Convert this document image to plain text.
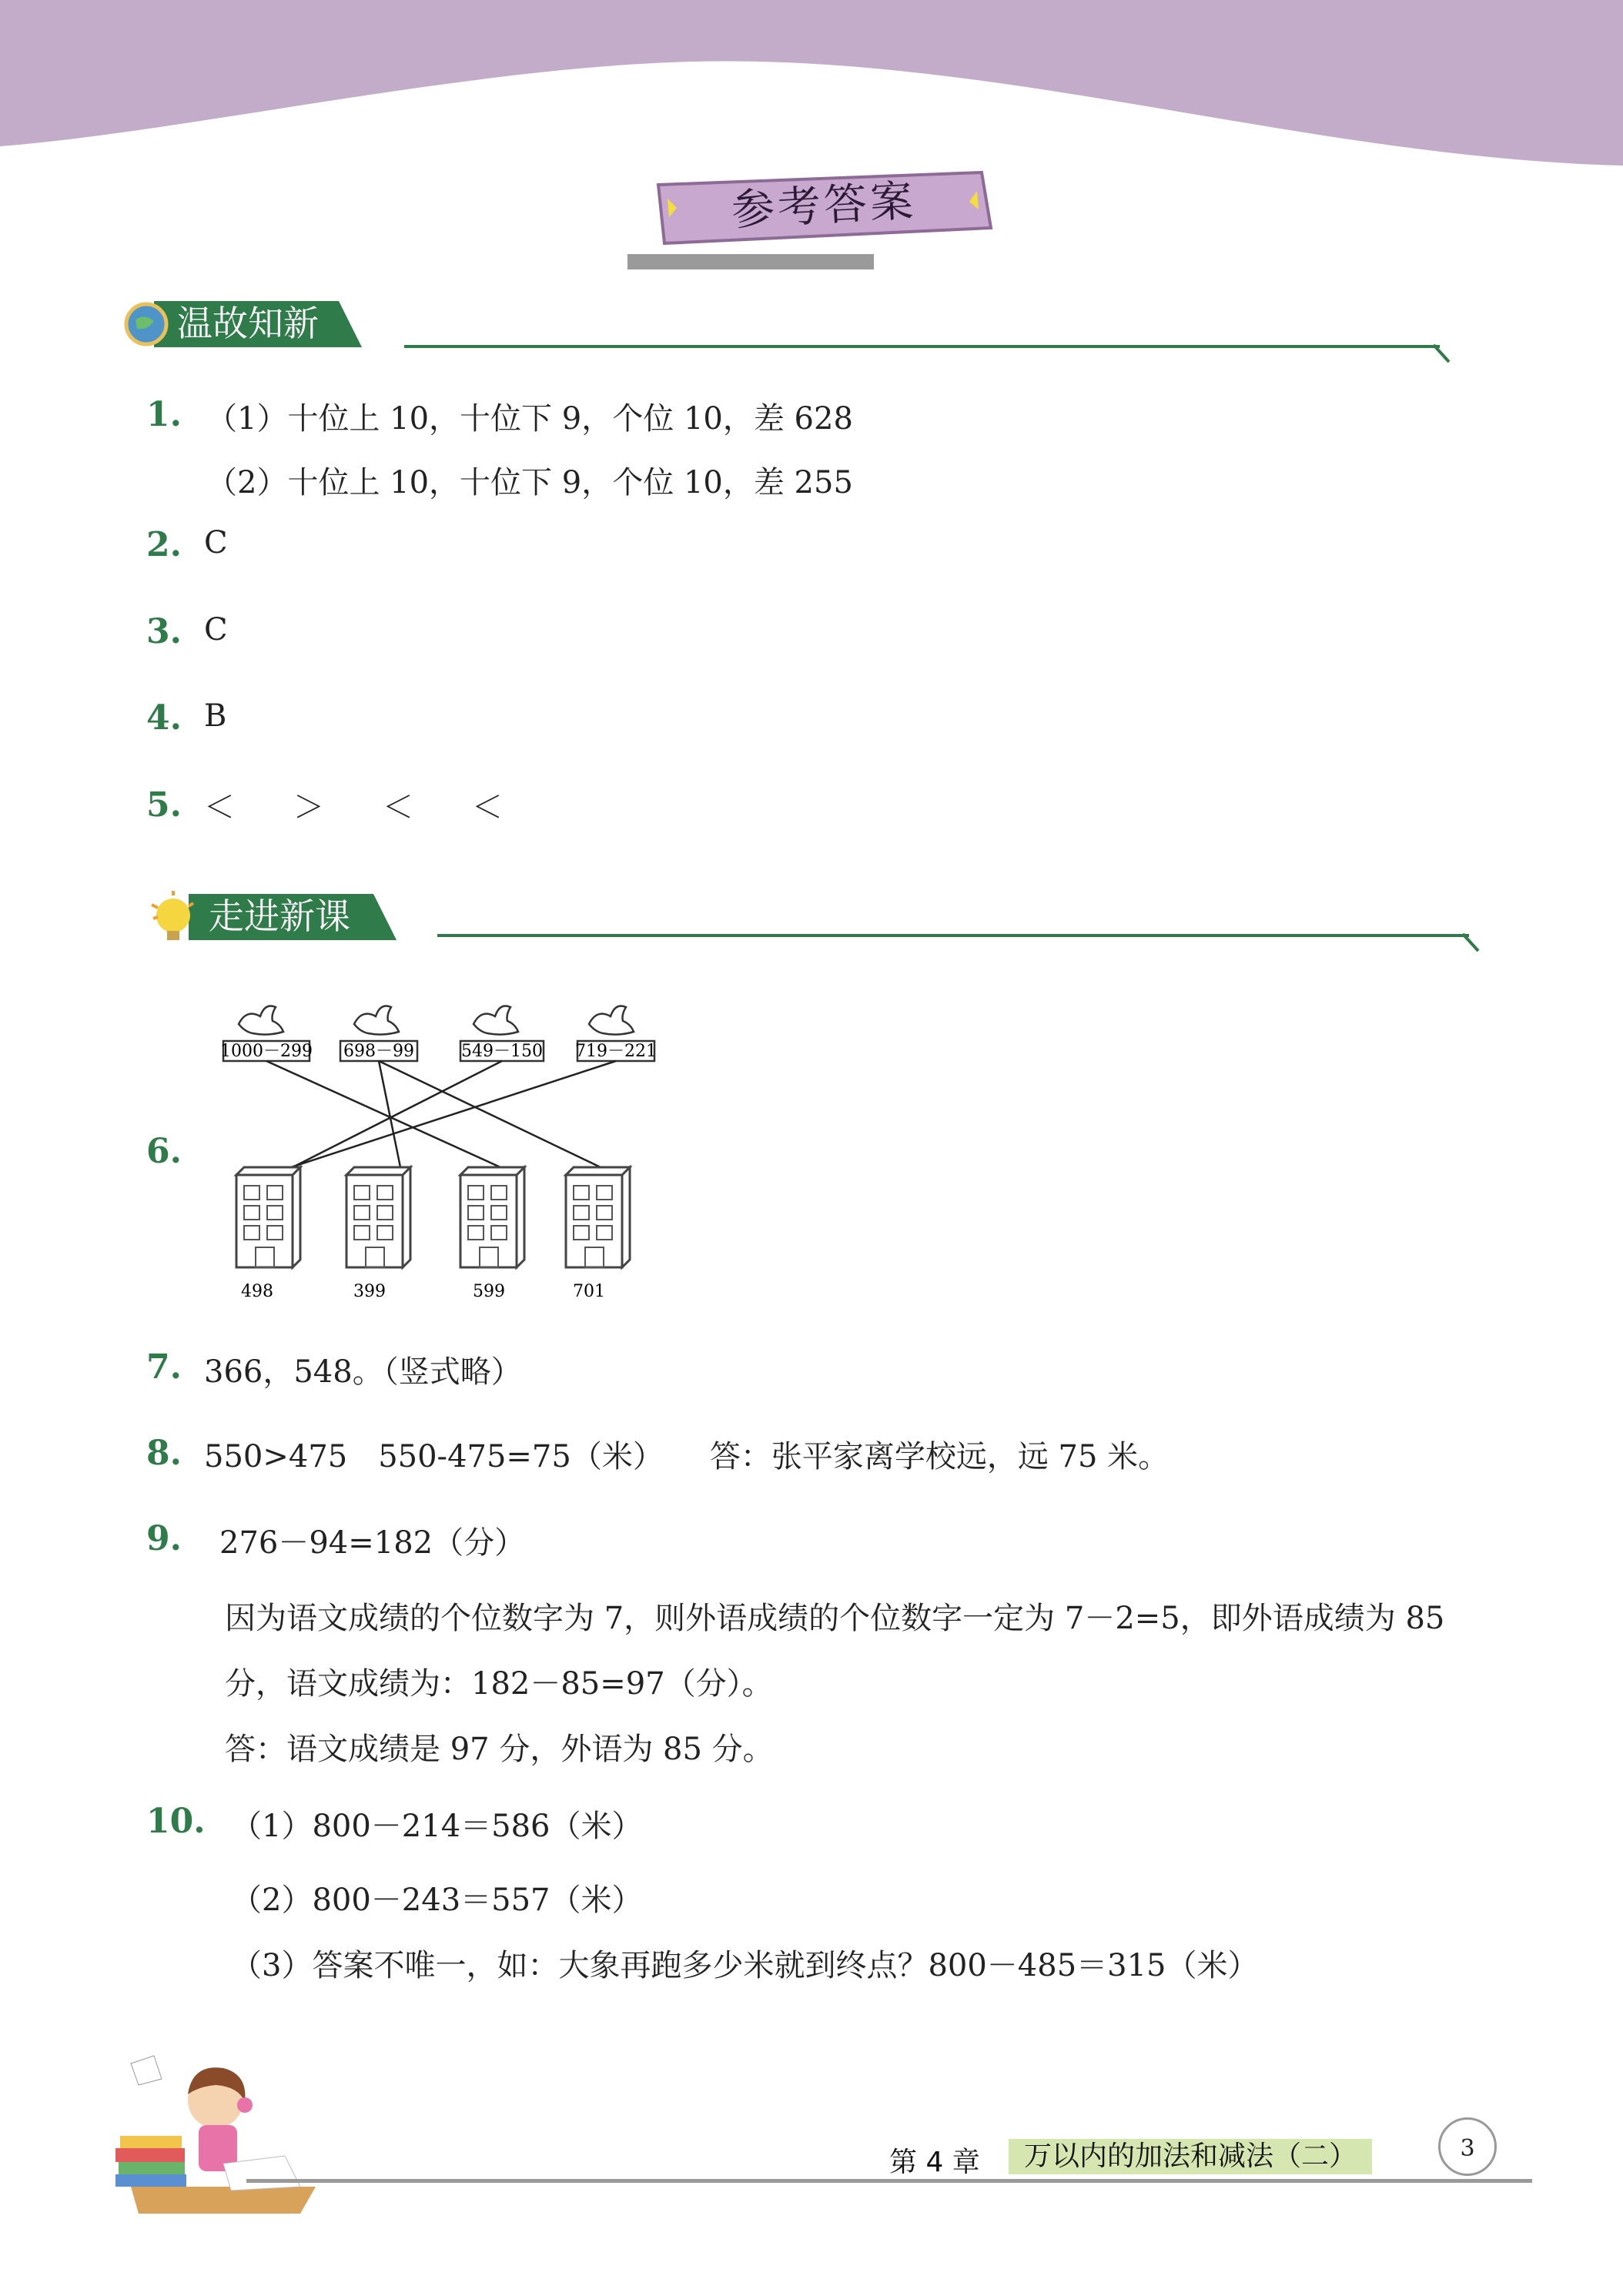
参考答案
温故知新
1. （1）十位上 10，十位下 9，个位 10，差 628
（2）十位上 10，十位下 9，个位 10，差 255
2. C
3. C
4. B
5. ＜　＞　＜　＜
走进新课
6.
1000－299 698－99	549－150 719－221
498	399	599	701
7. 366，548。（竖式略）
8. 550>475　550-475=75（米）　　答：张平家离学校远，远 75 米。
9. 276－94=182（分）
因为语文成绩的个位数字为 7，则外语成绩的个位数字一定为 7－2=5，即外语成绩为 85
分，语文成绩为：182－85=97（分）。
答：语文成绩是 97 分，外语为 85 分。
10. （1）800－214＝586（米）
（2）800－243＝557（米）
（3）答案不唯一，如：大象再跑多少米就到终点？800－485＝315（米）
第 4 章	万以内的加法和减法（二）	3
